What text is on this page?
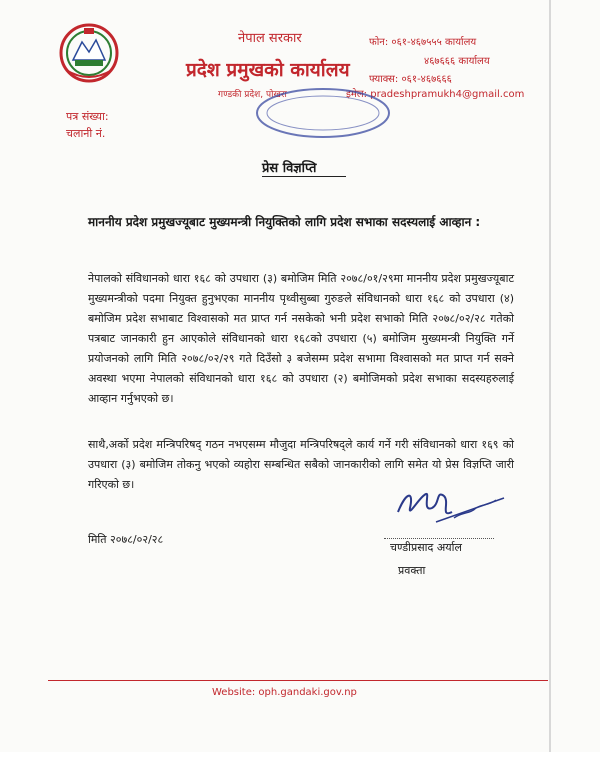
नेपाल सरकार
प्रदेश प्रमुखको कार्यालय
गण्डकी प्रदेश, पोखरा
फोन: ०६१-४६७५५५ कार्यालय
४६७६६६ कार्यालय
फ्याक्स: ०६१-४६७६६६
इमेल: pradeshpramukh4@gmail.com
पत्र संख्या:
चलानी नं.
प्रेस विज्ञप्ति
माननीय प्रदेश प्रमुखज्यूबाट मुख्यमन्त्री नियुक्तिको लागि प्रदेश सभाका सदस्यलाई आव्हान :
नेपालको संविधानको धारा १६८ को उपधारा (३) बमोजिम मिति २०७८/०१/२९मा माननीय प्रदेश प्रमुखज्यूबाट मुख्यमन्त्रीको पदमा नियुक्त हुनुभएका माननीय पृथ्वीसुब्बा गुरुङले संविधानको धारा १६८ को उपधारा (४) बमोजिम प्रदेश सभाबाट विश्वासको मत प्राप्त गर्न नसकेको भनी प्रदेश सभाको मिति २०७८/०२/२८ गतेको पत्रबाट जानकारी हुन आएकोले संविधानको धारा १६८को उपधारा (५) बमोजिम मुख्यमन्त्री नियुक्ति गर्ने प्रयोजनको लागि मिति २०७८/०२/२९ गते दिउँसो ३ बजेसम्म प्रदेश सभामा विश्वासको मत प्राप्त गर्न सक्ने अवस्था भएमा नेपालको संविधानको धारा १६८ को उपधारा (२) बमोजिमको प्रदेश सभाका सदस्यहरुलाई आव्हान गर्नुभएको छ।
साथै,अर्को प्रदेश मन्त्रिपरिषद् गठन नभएसम्म मौजुदा मन्त्रिपरिषद्ले कार्य गर्ने गरी संविधानको धारा १६९ को उपधारा (३) बमोजिम तोकनु भएको व्यहोरा सम्बन्धित सबैको जानकारीको लागि समेत यो प्रेस विज्ञप्ति जारी गरिएको छ।
मिति २०७८/०२/२८
चण्डीप्रसाद अर्याल
प्रवक्ता
Website: oph.gandaki.gov.np
